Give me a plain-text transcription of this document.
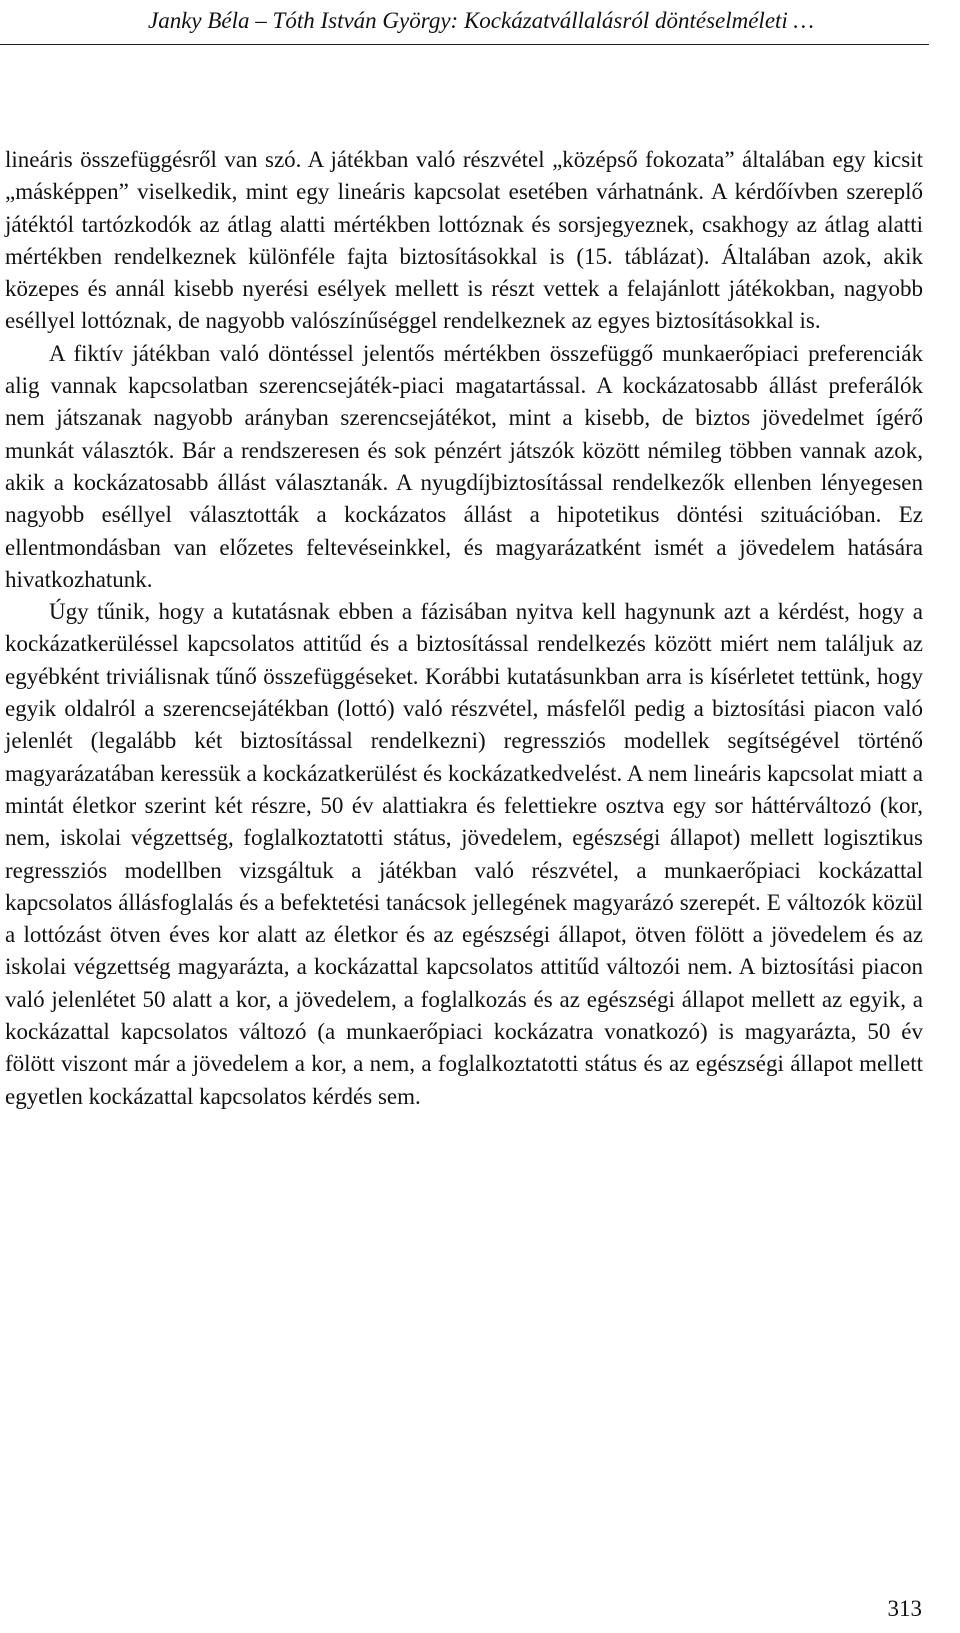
Janky Béla – Tóth István György: Kockázatvállalásról döntéselméleti …

lineáris összefüggésről van szó. A játékban való részvétel „középső fokozata” általában egy kicsit „másképpen” viselkedik, mint egy lineáris kapcsolat esetében várhatnánk. A kérdőívben szereplő játéktól tartózkodók az átlag alatti mértékben lottóznak és sorsjegyeznek, csakhogy az átlag alatti mértékben rendelkeznek különféle fajta biztosításokkal is (15. táblázat). Általában azok, akik közepes és annál kisebb nyerési esélyek mellett is részt vettek a felajánlott játékokban, nagyobb eséllyel lottóznak, de nagyobb valószínűséggel rendelkeznek az egyes biztosításokkal is.

A fiktív játékban való döntéssel jelentős mértékben összefüggő munkaerőpiaci preferenciák alig vannak kapcsolatban szerencsejáték-piaci magatartással. A kockázatosabb állást preferálók nem játszanak nagyobb arányban szerencsejátékot, mint a kisebb, de biztos jövedelmet ígérő munkát választók. Bár a rendszeresen és sok pénzért játszók között némileg többen vannak azok, akik a kockázatosabb állást választanák. A nyugdíjbiztosítással rendelkezők ellenben lényegesen nagyobb eséllyel választották a kockázatos állást a hipotetikus döntési szituációban. Ez ellentmondásban van előzetes feltevéseinkkel, és magyarázatként ismét a jövedelem hatására hivatkozhatunk.

Úgy tűnik, hogy a kutatásnak ebben a fázisában nyitva kell hagynunk azt a kérdést, hogy a kockázatkerüléssel kapcsolatos attitűd és a biztosítással rendelkezés között miért nem találjuk az egyébként triviálisnak tűnő összefüggéseket. Korábbi kutatásunkban arra is kísérletet tettünk, hogy egyik oldalról a szerencsejátékban (lottó) való részvétel, másfelől pedig a biztosítási piacon való jelenlét (legalább két biztosítással rendelkezni) regressziós modellek segítségével történő magyarázatában keressük a kockázatkerülést és kockázatkedvelést. A nem lineáris kapcsolat miatt a mintát életkor szerint két részre, 50 év alattiakra és felettiekre osztva egy sor háttérváltozó (kor, nem, iskolai végzettség, foglalkoztatotti státus, jövedelem, egészségi állapot) mellett logisztikus regressziós modellben vizsgáltuk a játékban való részvétel, a munkaerőpiaci kockázattal kapcsolatos állásfoglalás és a befektetési tanácsok jellegének magyarázó szerepét. E változók közül a lottózást ötven éves kor alatt az életkor és az egészségi állapot, ötven fölött a jövedelem és az iskolai végzettség magyarázta, a kockázattal kapcsolatos attitűd változói nem. A biztosítási piacon való jelenlétet 50 alatt a kor, a jövedelem, a foglalkozás és az egészségi állapot mellett az egyik, a kockázattal kapcsolatos változó (a munkaerőpiaci kockázatra vonatkozó) is magyarázta, 50 év fölött viszont már a jövedelem a kor, a nem, a foglalkoztatotti státus és az egészségi állapot mellett egyetlen kockázattal kapcsolatos kérdés sem.

313
